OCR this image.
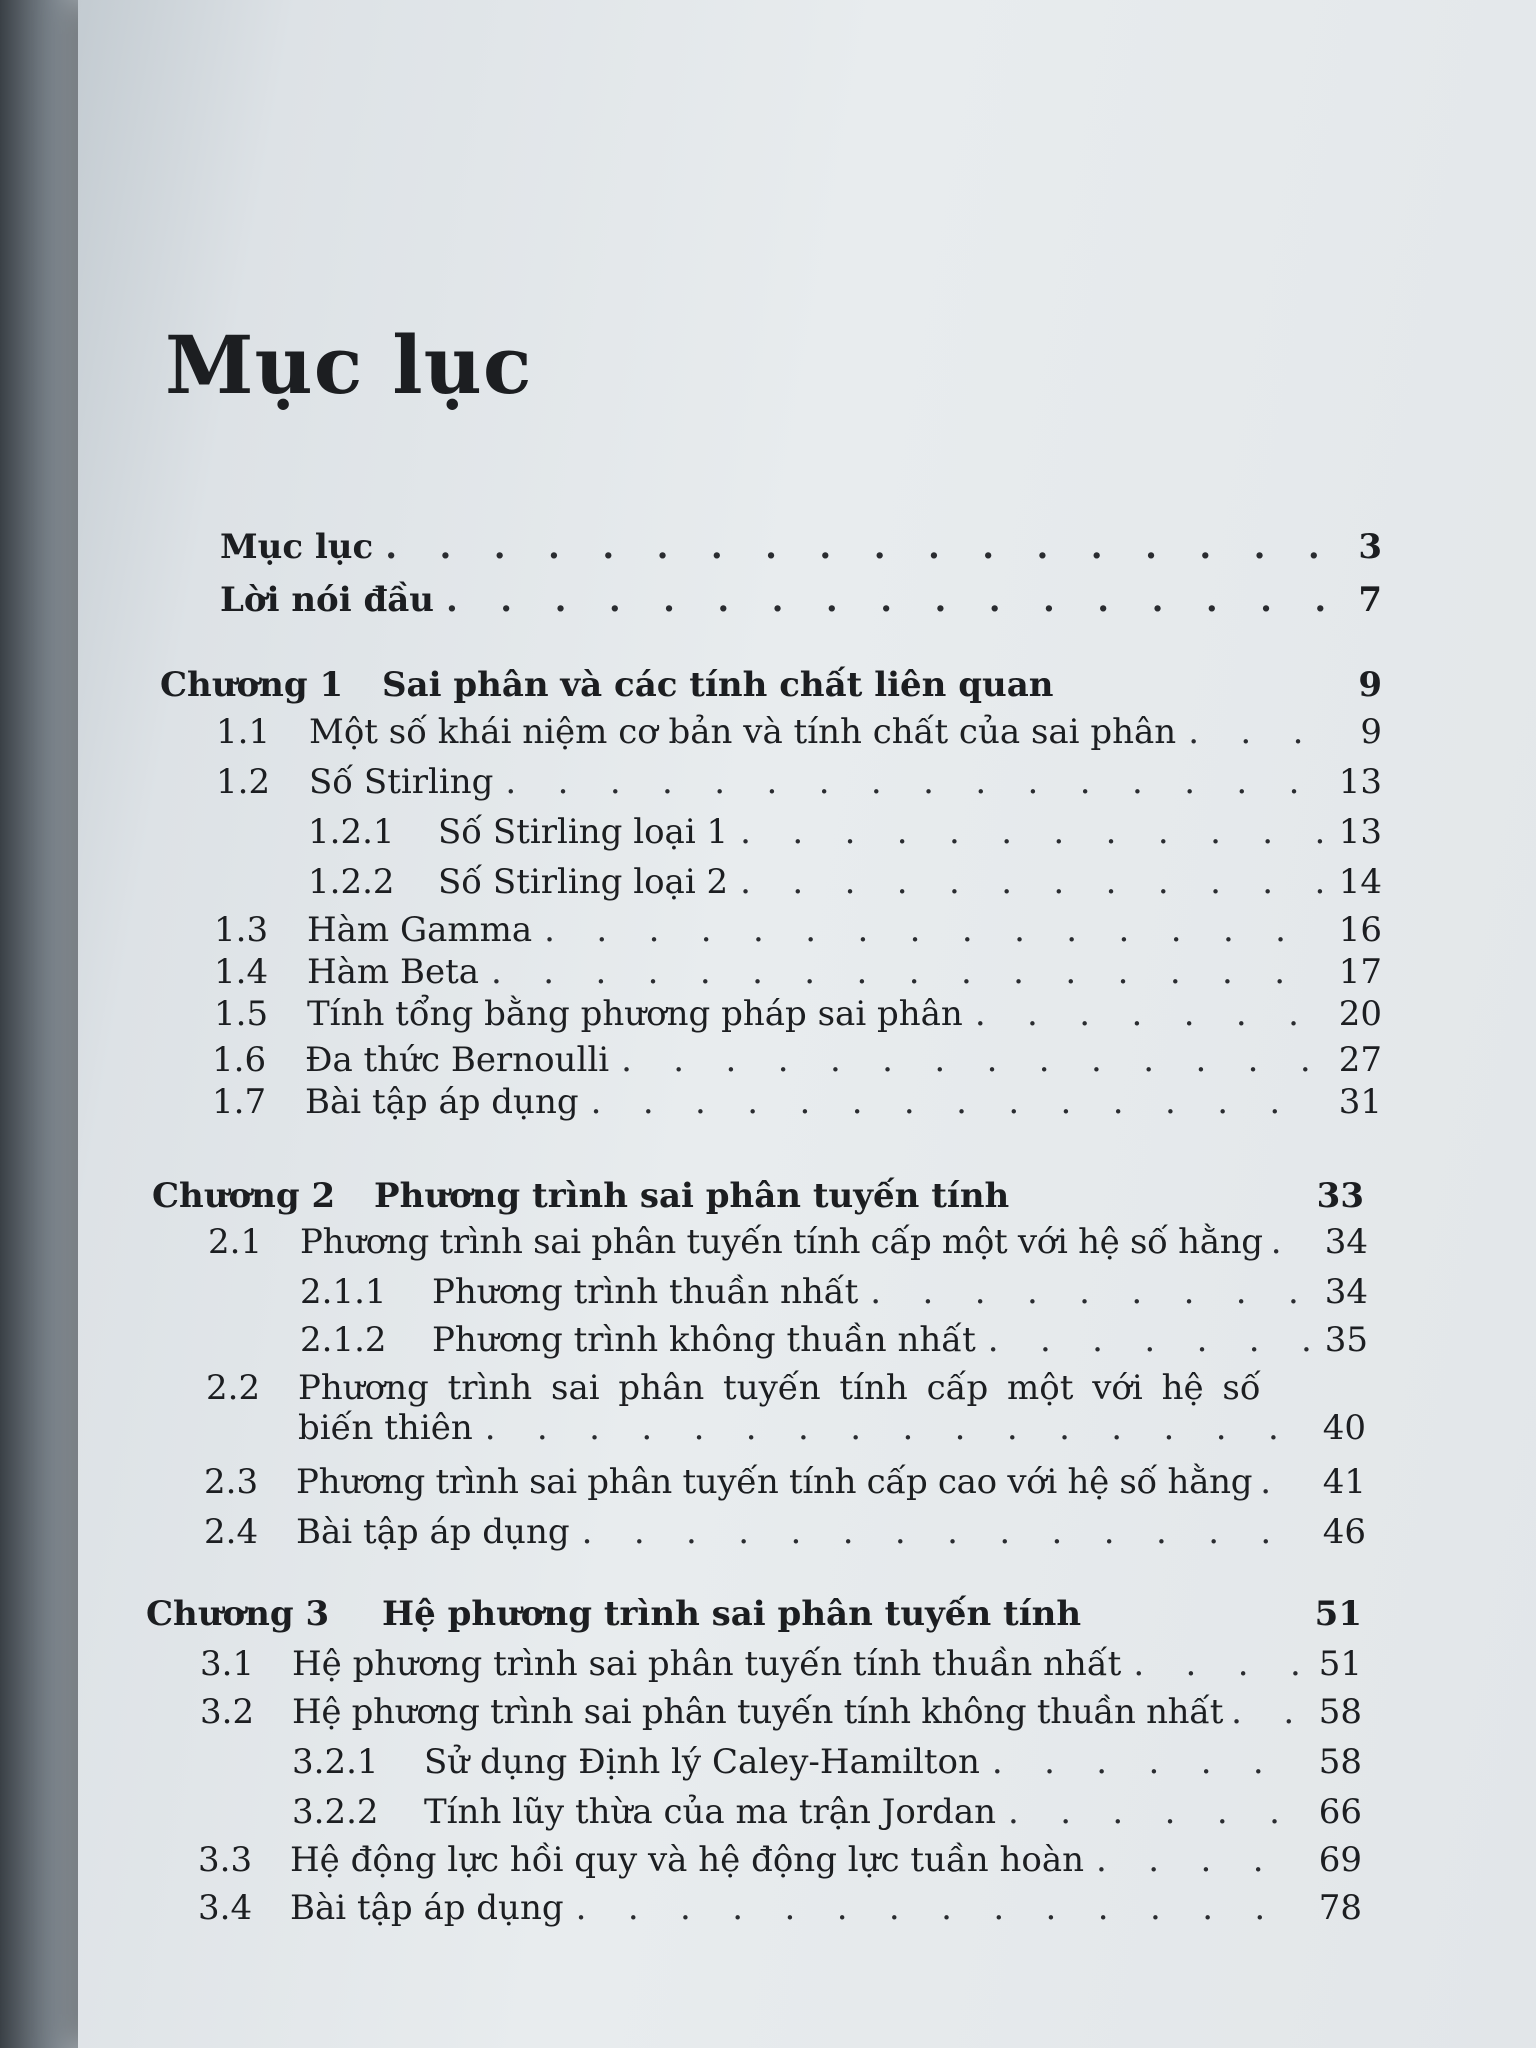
Mục lục
Mục lục . . .	3
Lời nói đầu . . .	7
Chương 1	Sai phân và các tính chất liên quan	9
1.1	Một số khái niệm cơ bản và tính chất của sai phân . . .	9
1.2	Số Stirling . . .	13
1.2.1	Số Stirling loại 1 . . .	13
1.2.2	Số Stirling loại 2 . . .	14
1.3	Hàm Gamma . . .	16
1.4	Hàm Beta . . .	17
1.5	Tính tổng bằng phương pháp sai phân . . .	20
1.6	Đa thức Bernoulli . . .	27
1.7	Bài tập áp dụng . . .	31
Chương 2	Phương trình sai phân tuyến tính	33
2.1	Phương trình sai phân tuyến tính cấp một với hệ số hằng . . . 34
2.1.1	Phương trình thuần nhất . . .	34
2.1.2	Phương trình không thuần nhất . . .	35
2.2	Phương trình sai phân tuyến tính cấp một với hệ số
biến thiên . . .	40
2.3	Phương trình sai phân tuyến tính cấp cao với hệ số hằng . . . 41
2.4	Bài tập áp dụng . . .	46
Chương 3	Hệ phương trình sai phân tuyến tính	51
3.1	Hệ phương trình sai phân tuyến tính thuần nhất . . .	51
3.2	Hệ phương trình sai phân tuyến tính không thuần nhất . . .	58
3.2.1	Sử dụng Định lý Caley-Hamilton . . .	58
3.2.2	Tính lũy thừa của ma trận Jordan . . .	66
3.3	Hệ động lực hồi quy và hệ động lực tuần hoàn . . .	69
3.4	Bài tập áp dụng . . .	78
